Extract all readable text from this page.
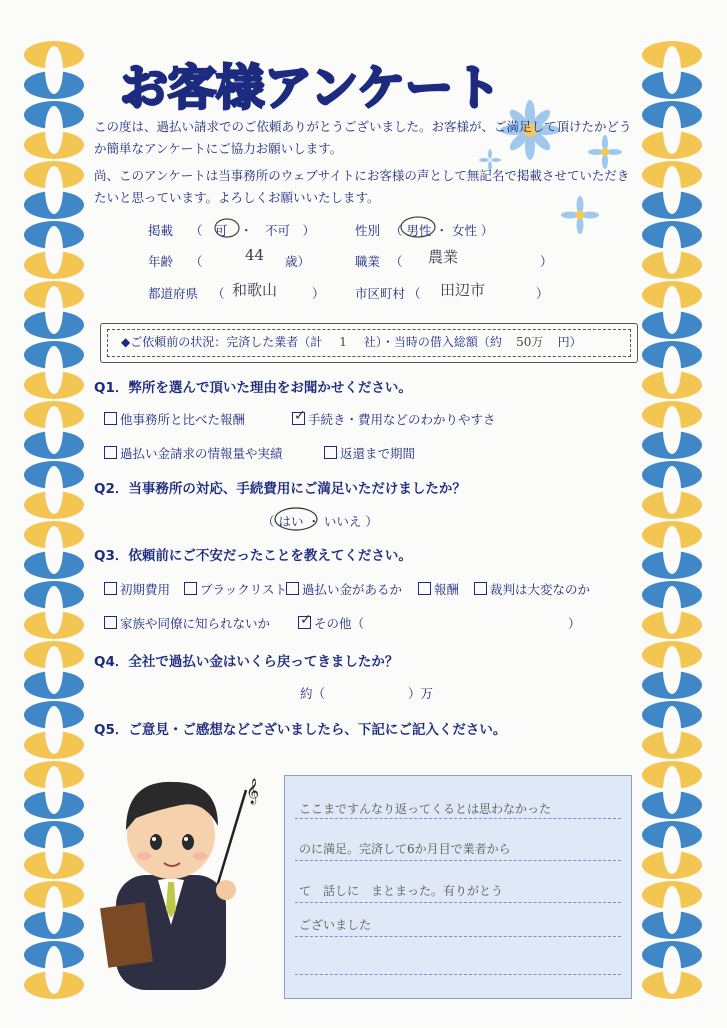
お客様アンケート
この度は、過払い請求でのご依頼ありがとうございました。お客様が、ご満足して頂けたかどうか簡単なアンケートにご協力お願いします。
尚、このアンケートは当事務所のウェブサイトにお客様の声として無記名で掲載させていただきたいと思っています。よろしくお願いいたします。
掲載 （　可　・　不可　）	性別 （ 男性 ・ 女性 ）
年齢 （	44 歳）	職業 （ 農業	）
都道府県 （ 和歌山	） 市区町村 （ 田辺市	）
◆ご依頼前の状況：完済した業者（計 1 社）・当時の借入総額（約 50万 円）
Q1．弊所を選んで頂いた理由をお聞かせください。
他事務所と比べた報酬	✓ 手続き・費用などのわかりやすさ
過払い金請求の情報量や実績	返還まで期間
Q2．当事務所の対応、手続費用にご満足いただけましたか？
（ はい ・ いいえ ）
Q3．依頼前にご不安だったことを教えてください。
初期費用	ブラックリスト	過払い金があるか	報酬	裁判は大変なのか
家族や同僚に知られないか ✓ その他（	）
Q4．全社で過払い金はいくら戻ってきましたか？
約（	）万
Q5．ご意見・ご感想などございましたら、下記にご記入ください。
𝄞
ここまですんなり返ってくるとは思わなかった
のに満足。完済して6か月目で業者から
て　話しに　まとまった。有りがとう
ございました
